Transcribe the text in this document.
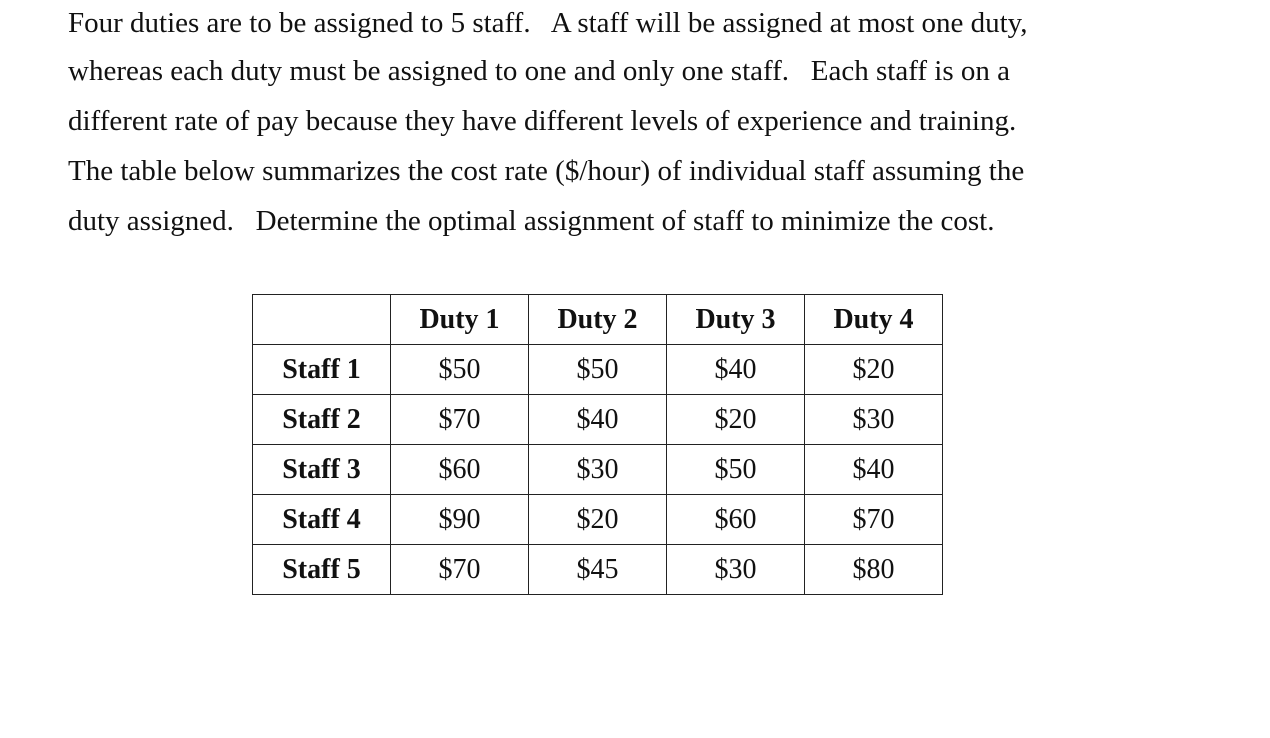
Four duties are to be assigned to 5 staff.   A staff will be assigned at most one duty,
whereas each duty must be assigned to one and only one staff.   Each staff is on a
different rate of pay because they have different levels of experience and training.
The table below summarizes the cost rate ($/hour) of individual staff assuming the
duty assigned.   Determine the optimal assignment of staff to minimize the cost.
	Duty 1	Duty 2	Duty 3	Duty 4
Staff 1	$50	$50	$40	$20
Staff 2	$70	$40	$20	$30
Staff 3	$60	$30	$50	$40
Staff 4	$90	$20	$60	$70
Staff 5	$70	$45	$30	$80
